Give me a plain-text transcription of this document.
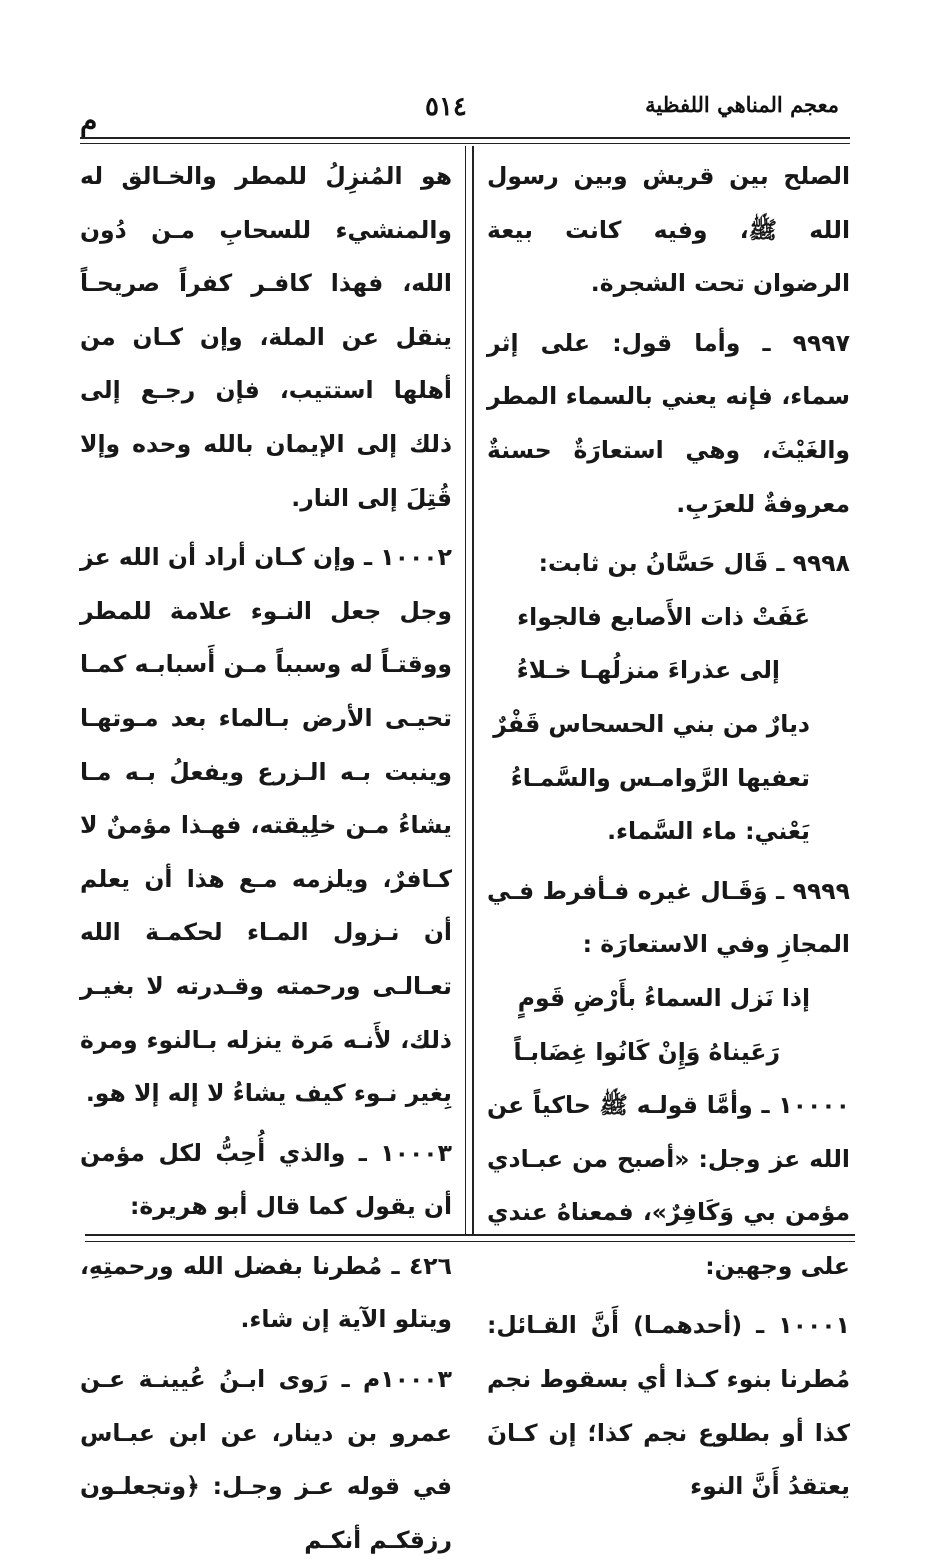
معجم المناهي اللفظية
٥١٤
م

الصلح بين قريش وبين رسول الله ﷺ، وفيه كانت بيعة الرضوان تحت الشجرة.

٩٩٩٧ ـ وأما قول: على إثر سماء، فإنه يعني بالسماء المطر والغَيْثَ، وهي استعارَةٌ حسنةٌ معروفةٌ للعرَبِ.

٩٩٩٨ ـ قَال حَسَّانُ بن ثابت:

عَفَتْ ذات الأَصابع فالجواء
إلى عذراءَ منزلُهـا خـلاءُ
ديارٌ من بني الحسحاس قَفْرٌ
تعفيها الرَّوامـس والسَّمـاءُ
يَعْني: ماء السَّماء.

٩٩٩٩ ـ وَقَـال غيره فـأفرط فـي المجازِ وفي الاستعارَة :

إذا نَزل السماءُ بأَرْضِ قَومٍ
رَعَيناهُ وَإِنْ كَانُوا غِضَابـاً

١٠٠٠٠ ـ وأمَّا قولـه ﷺ حاكياً عن الله عز وجل: «أصبح من عبـادي مؤمن بي وَكَافِرٌ»، فمعناهُ عندي على وجهين:

١٠٠٠١ ـ (أحدهمـا) أَنَّ القـائل: مُطرنا بنوء كـذا أي بسقوط نجم كذا أو بطلوع نجم كذا؛ إن كـانَ يعتقدُ أَنَّ النوء

هو المُنزِلُ للمطر والخـالق له والمنشيء للسحابِ مـن دُون الله، فهذا كافـر كفراً صريحـاً ينقل عن الملة، وإن كـان من أهلها استتيب، فإن رجـع إلى ذلك إلى الإيمان بالله وحده وإلا قُتِلَ إلى النار.

١٠٠٠٢ ـ وإن كـان أراد أن الله عز وجل جعل النـوء علامة للمطر ووقتـاً له وسبباً مـن أَسبابـه كمـا تحيـى الأرض بـالماء بعد مـوتهـا وينبت بـه الـزرع ويفعلُ بـه مـا يشاءُ مـن خلِيقته، فهـذا مؤمنٌ لا كـافرٌ، ويلزمه مـع هذا أن يعلم أن نـزول المـاء لحكمـة الله تعـالـى ورحمته وقـدرته لا بغيـر ذلك، لأَنـه مَرة ينزله بـالنوء ومرة بِغير نـوء كيف يشاءُ لا إله إلا هو.

١٠٠٠٣ ـ والذي أُحِبُّ لكل مؤمن أن يقول كما قال أبو هريرة:

٤٢٦ ـ مُطرنا بفضل الله ورحمتِهِ، ويتلو الآية إن شاء.

١٠٠٠٣م ـ رَوى ابـنُ عُيينـة عـن عمرو بن دينار، عن ابن عبـاس في قوله عـز وجـل: ﴿وتجعلـون رزقكـم أنكـم
